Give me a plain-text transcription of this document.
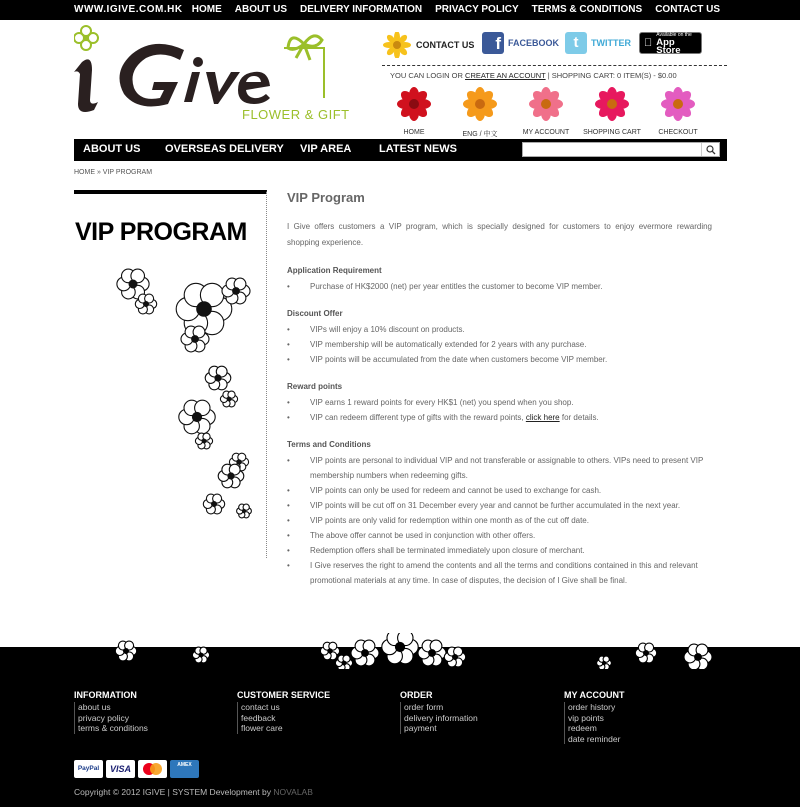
WWW.IGIVE.COM.HK HOME ABOUT US DELIVERY INFORMATION PRIVACY POLICY TERMS & CONDITIONS CONTACT US
FLOWER & GIFT
CONTACT US	f FACEBOOK t	TWITTER	Available on the
App Store
YOU CAN LOGIN OR CREATE AN ACCOUNT | SHOPPING CART: 0 ITEM(S) - $0.00
HOME	ENG / 中文	MY ACCOUNT	SHOPPING CART	CHECKOUT
ABOUT US OVERSEAS DELIVERY VIP AREA	LATEST NEWS
HOME » VIP PROGRAM
VIP PROGRAM
VIP Program

I Give offers customers a VIP program, which is specially designed for customers to enjoy evermore rewarding shopping experience.

Application Requirement
• Purchase of HK$2000 (net) per year entitles the customer to become VIP member.
Discount Offer
• VIPs will enjoy a 10% discount on products.
• VIP membership will be automatically extended for 2 years with any purchase.
• VIP points will be accumulated from the date when customers become VIP member.
Reward points
• VIP earns 1 reward points for every HK$1 (net) you spend when you shop.
• VIP can redeem different type of gifts with the reward points, click here for details.
Terms and Conditions
• VIP points are personal to individual VIP and not transferable or assignable to others. VIPs need to present VIP membership numbers when redeeming gifts.
• VIP points can only be used for redeem and cannot be used to exchange for cash.
• VIP points will be cut off on 31 December every year and cannot be further accumulated in the next year.
• VIP points are only valid for redemption within one month as of the cut off date.
• The above offer cannot be used in conjunction with other offers.
• Redemption offers shall be terminated immediately upon closure of merchant.
• I Give reserves the right to amend the contents and all the terms and conditions contained in this and relevant promotional materials at any time. In case of disputes, the decision of I Give shall be final.
INFORMATION
about us
privacy policy
terms & conditions
CUSTOMER SERVICE
contact us
feedback
flower care
ORDER
order form
delivery information
payment
MY ACCOUNT
order history
vip points
redeem
date reminder
PayPal	VISA	AMEX
Copyright © 2012 IGIVE | SYSTEM Development by NOVALAB
